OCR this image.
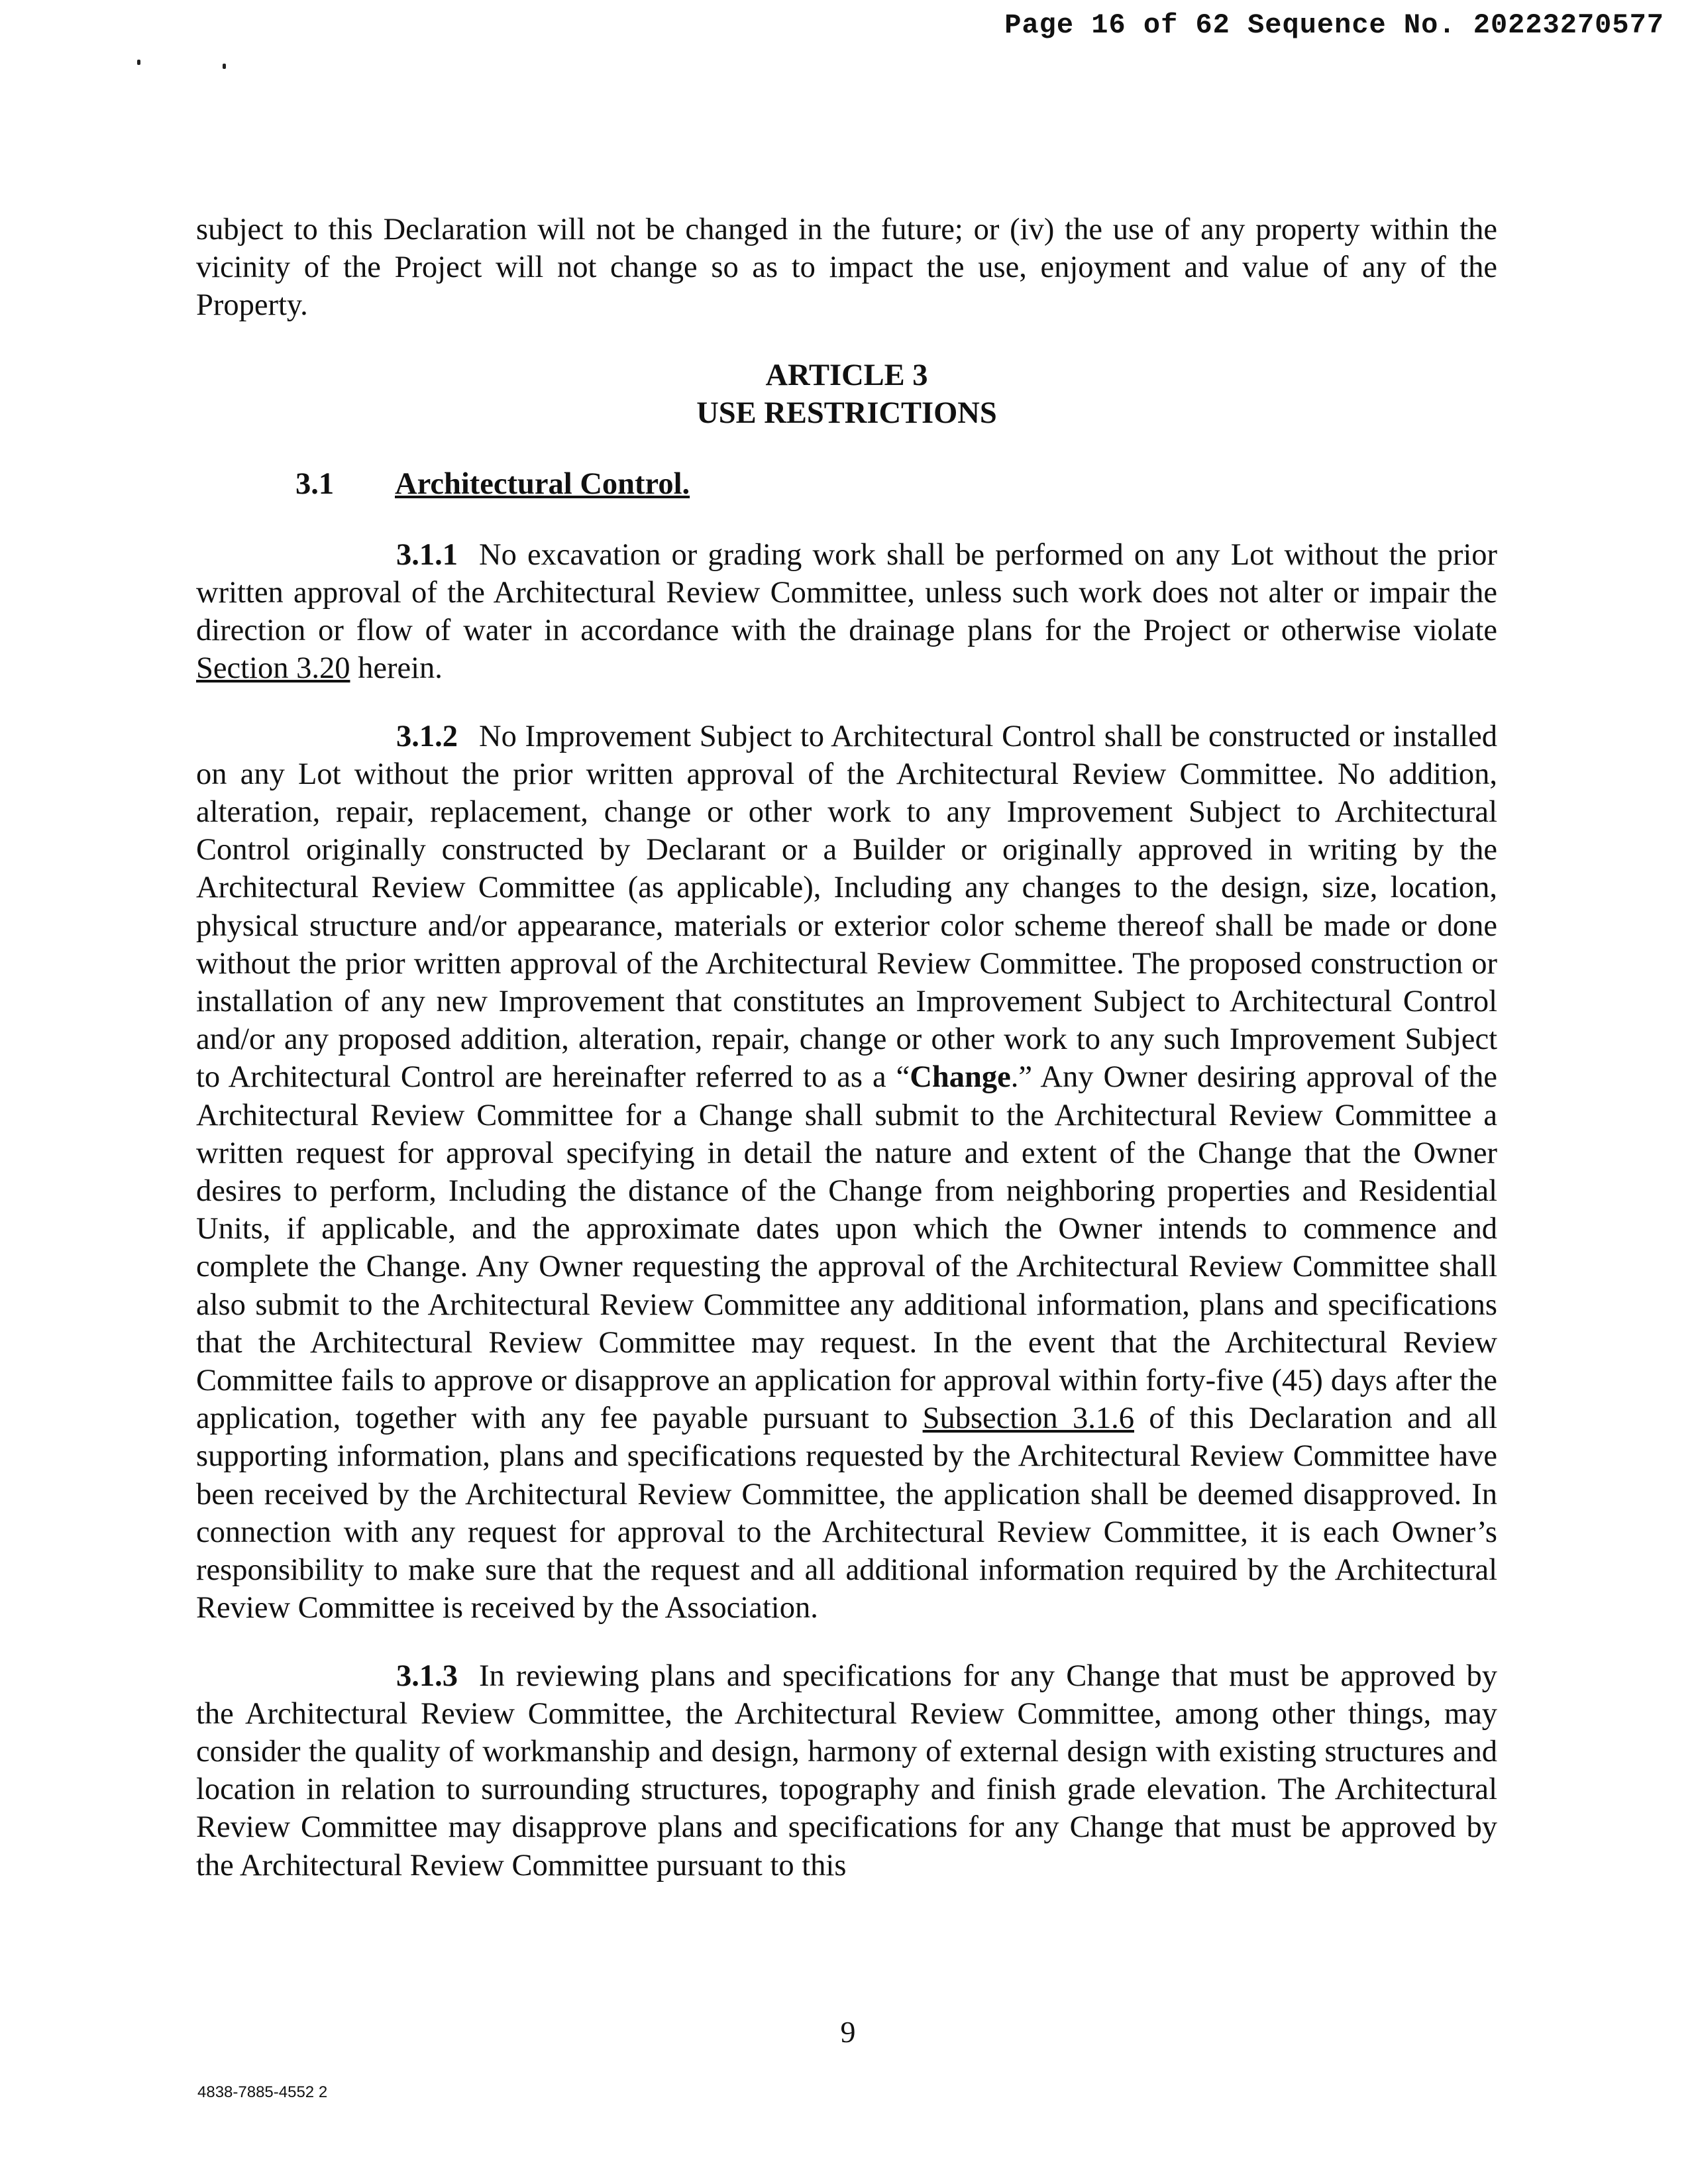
Page 16 of 62 Sequence No. 20223270577

subject to this Declaration will not be changed in the future; or (iv) the use of any property within the vicinity of the Project will not change so as to impact the use, enjoyment and value of any of the Property.

ARTICLE 3
USE RESTRICTIONS
3.1 Architectural Control.

3.1.1 No excavation or grading work shall be performed on any Lot without the prior written approval of the Architectural Review Committee, unless such work does not alter or impair the direction or flow of water in accordance with the drainage plans for the Project or otherwise violate Section 3.20 herein.

3.1.2 No Improvement Subject to Architectural Control shall be constructed or installed on any Lot without the prior written approval of the Architectural Review Committee. No addition, alteration, repair, replacement, change or other work to any Improvement Subject to Architectural Control originally constructed by Declarant or a Builder or originally approved in writing by the Architectural Review Committee (as applicable), Including any changes to the design, size, location, physical structure and/or appearance, materials or exterior color scheme thereof shall be made or done without the prior written approval of the Architectural Review Committee. The proposed construction or installation of any new Improvement that constitutes an Improvement Subject to Architectural Control and/or any proposed addition, alteration, repair, change or other work to any such Improvement Subject to Architectural Control are hereinafter referred to as a “Change.” Any Owner desiring approval of the Architectural Review Committee for a Change shall submit to the Architectural Review Committee a written request for approval specifying in detail the nature and extent of the Change that the Owner desires to perform, Including the distance of the Change from neighboring properties and Residential Units, if applicable, and the approximate dates upon which the Owner intends to commence and complete the Change. Any Owner requesting the approval of the Architectural Review Committee shall also submit to the Architectural Review Committee any additional information, plans and specifications that the Architectural Review Committee may request. In the event that the Architectural Review Committee fails to approve or disapprove an application for approval within forty-five (45) days after the application, together with any fee payable pursuant to Subsection 3.1.6 of this Declaration and all supporting information, plans and specifications requested by the Architectural Review Committee have been received by the Architectural Review Committee, the application shall be deemed disapproved. In connection with any request for approval to the Architectural Review Committee, it is each Owner’s responsibility to make sure that the request and all additional information required by the Architectural Review Committee is received by the Association.

3.1.3 In reviewing plans and specifications for any Change that must be approved by the Architectural Review Committee, the Architectural Review Committee, among other things, may consider the quality of workmanship and design, harmony of external design with existing structures and location in relation to surrounding structures, topography and finish grade elevation. The Architectural Review Committee may disapprove plans and specifications for any Change that must be approved by the Architectural Review Committee pursuant to this

9
4838-7885-4552 2
